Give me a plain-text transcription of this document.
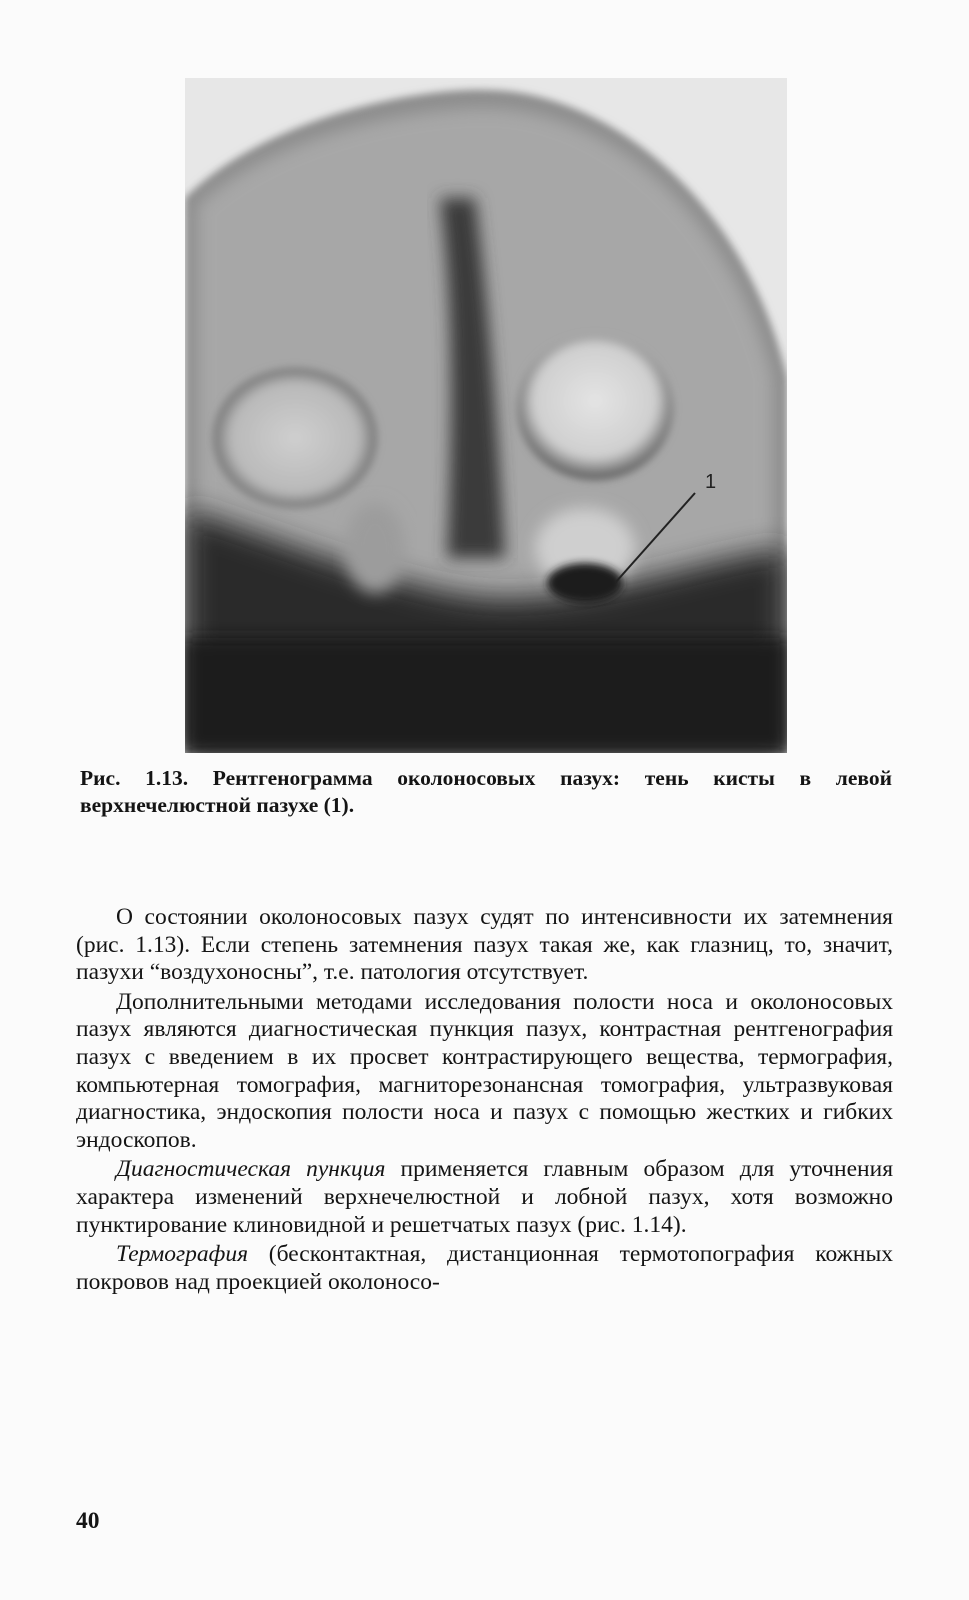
1
Рис. 1.13. Рентгенограмма околоносовых пазух: тень кисты в левой верхнечелюстной пазухе (1).

О состоянии околоносовых пазух судят по интенсивности их затемнения (рис. 1.13). Если степень затемнения пазух такая же, как глазниц, то, значит, пазухи “воздухоносны”, т.е. патология отсутствует.

Дополнительными методами исследования полости носа и околоносовых пазух являются диагностическая пункция пазух, контрастная рентгенография пазух с введением в их просвет контрастирующего вещества, термография, компьютерная томография, магниторезонансная томография, ультразвуковая диагностика, эндоскопия полости носа и пазух с помощью жестких и гибких эндоскопов.

Диагностическая пункция применяется главным образом для уточнения характера изменений верхнечелюстной и лобной пазух, хотя возможно пунктирование клиновидной и решетчатых пазух (рис. 1.14).

Термография (бесконтактная, дистанционная термотопография кожных покровов над проекцией околоносо-

40
